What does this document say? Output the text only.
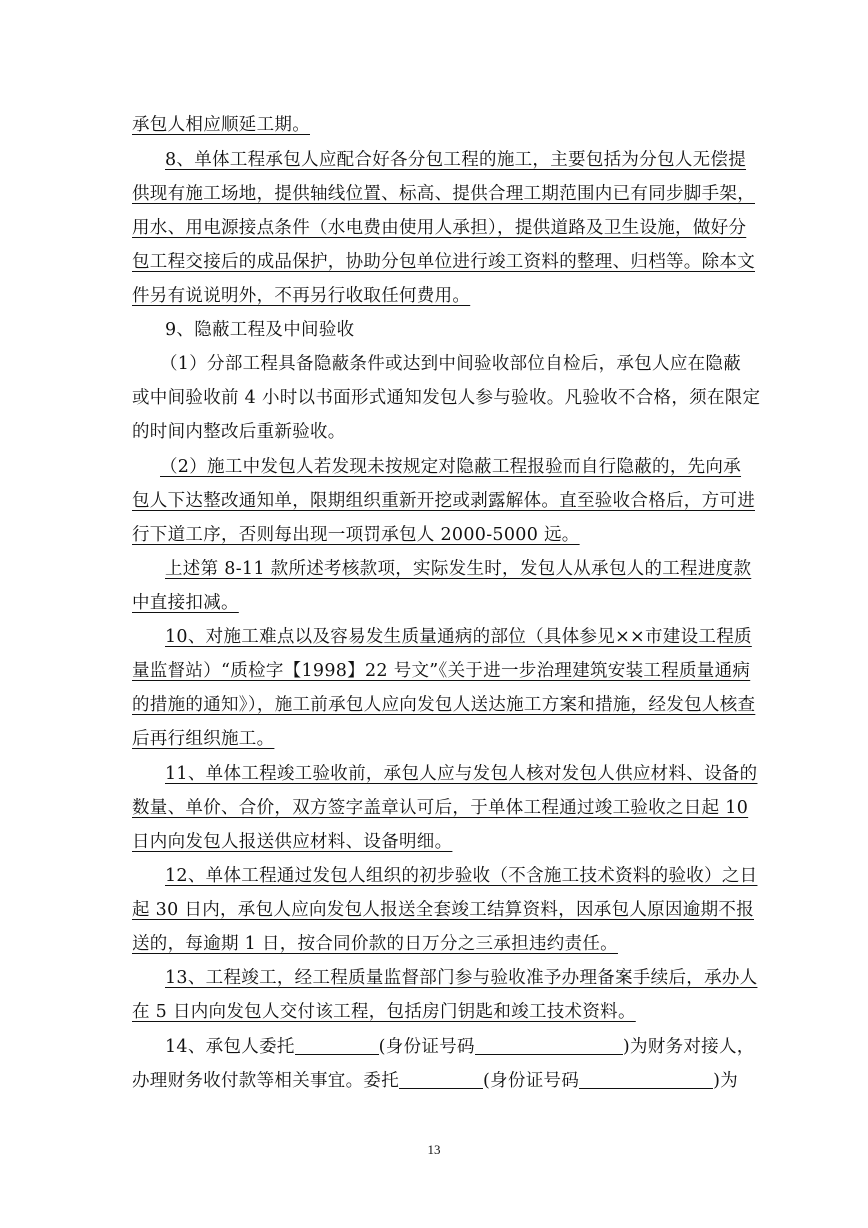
承包人相应顺延工期。
8、单体工程承包人应配合好各分包工程的施工，主要包括为分包人无偿提
供现有施工场地，提供轴线位置、标高、提供合理工期范围内已有同步脚手架，
用水、用电源接点条件（水电费由使用人承担），提供道路及卫生设施，做好分
包工程交接后的成品保护，协助分包单位进行竣工资料的整理、归档等。除本文
件另有说说明外，不再另行收取任何费用。
9、隐蔽工程及中间验收
（1）分部工程具备隐蔽条件或达到中间验收部位自检后，承包人应在隐蔽
或中间验收前 4 小时以书面形式通知发包人参与验收。凡验收不合格，须在限定
的时间内整改后重新验收。
（2）施工中发包人若发现未按规定对隐蔽工程报验而自行隐蔽的，先向承
包人下达整改通知单，限期组织重新开挖或剥露解体。直至验收合格后，方可进
行下道工序，否则每出现一项罚承包人 2000-5000 远。
上述第 8-11 款所述考核款项，实际发生时，发包人从承包人的工程进度款
中直接扣减。
10、对施工难点以及容易发生质量通病的部位（具体参见××市建设工程质
量监督站）“质检字【1998】22 号文”《关于进一步治理建筑安装工程质量通病
的措施的通知》），施工前承包人应向发包人送达施工方案和措施，经发包人核查
后再行组织施工。
11、单体工程竣工验收前，承包人应与发包人核对发包人供应材料、设备的
数量、单价、合价，双方签字盖章认可后，于单体工程通过竣工验收之日起 10
日内向发包人报送供应材料、设备明细。
12、单体工程通过发包人组织的初步验收（不含施工技术资料的验收）之日
起 30 日内，承包人应向发包人报送全套竣工结算资料，因承包人原因逾期不报
送的，每逾期 1 日，按合同价款的日万分之三承担违约责任。
13、工程竣工，经工程质量监督部门参与验收准予办理备案手续后，承办人
在 5 日内向发包人交付该工程，包括房门钥匙和竣工技术资料。
14、承包人委托	(身份证号码	)为财务对接人，
办理财务收付款等相关事宜。委托	(身份证号码	)为
13
